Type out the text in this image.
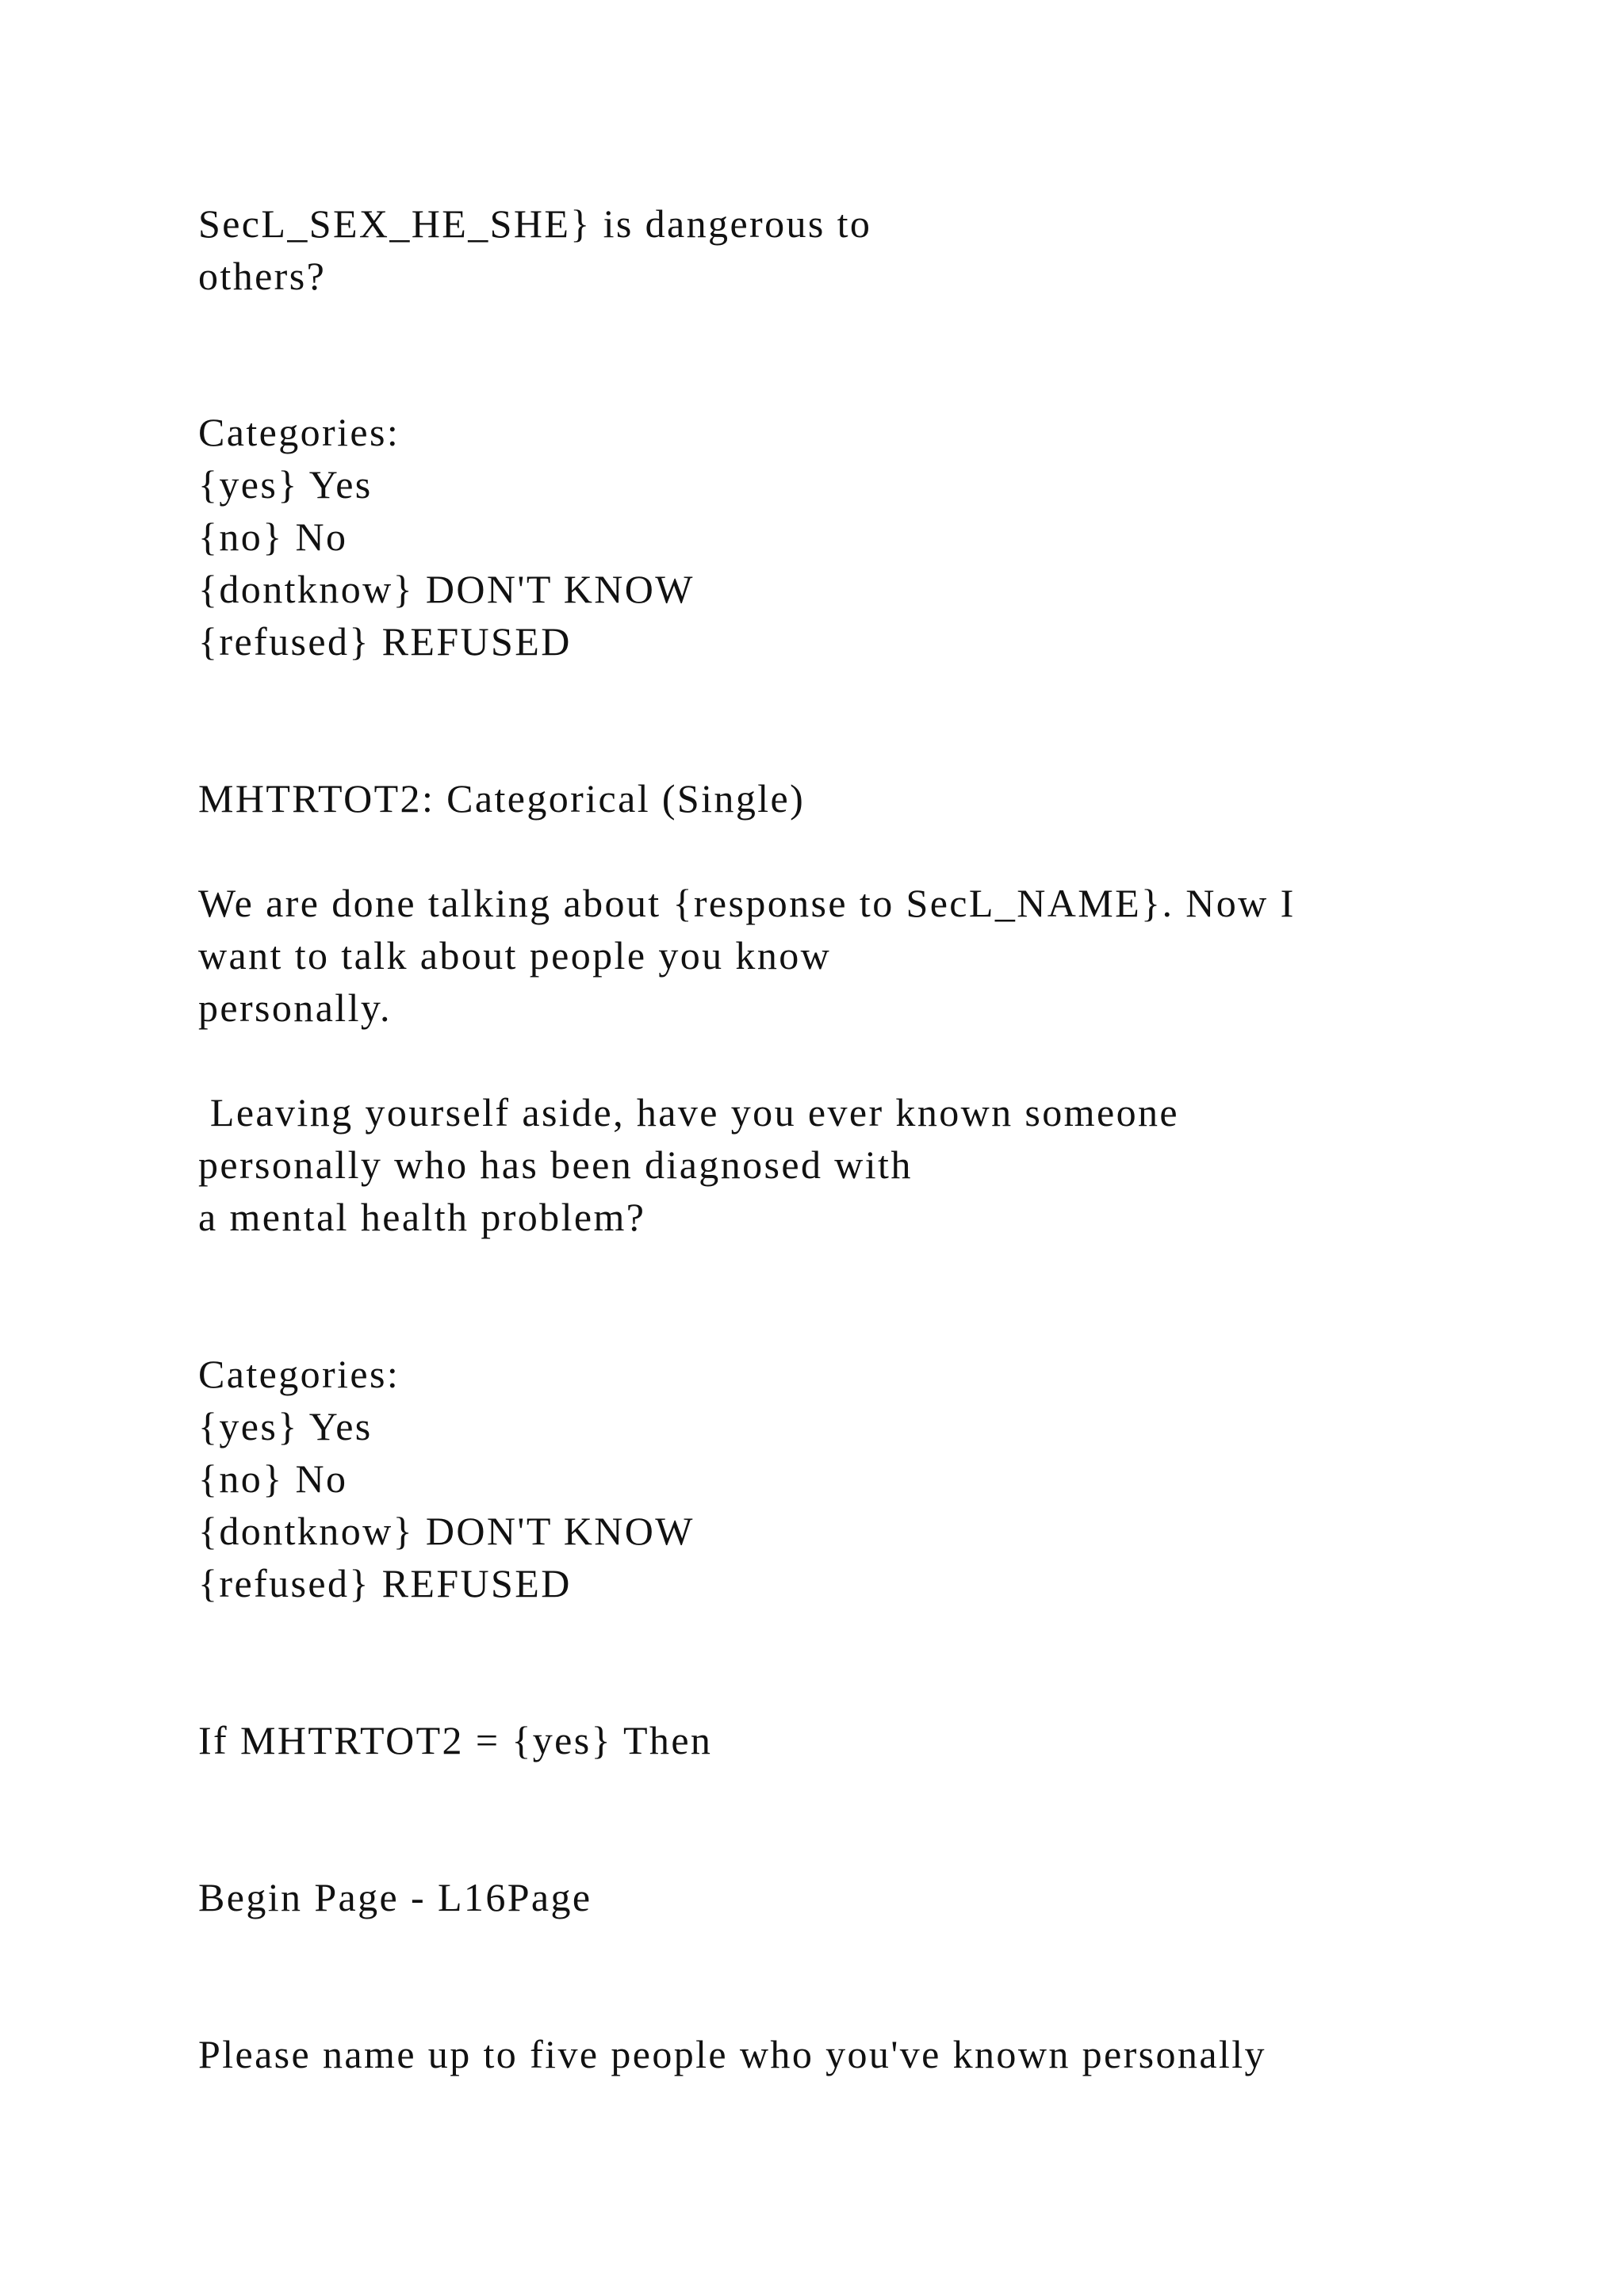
SecL_SEX_HE_SHE} is dangerous to
others?
Categories:
{yes} Yes
{no} No
{dontknow} DON'T KNOW
{refused} REFUSED
MHTRTOT2: Categorical (Single)
We are done talking about {response to SecL_NAME}. Now I
want to talk about people you know
personally.
Leaving yourself aside, have you ever known someone
personally who has been diagnosed with
a mental health problem?
Categories:
{yes} Yes
{no} No
{dontknow} DON'T KNOW
{refused} REFUSED
If MHTRTOT2 = {yes} Then
Begin Page - L16Page
Please name up to five people who you've known personally
